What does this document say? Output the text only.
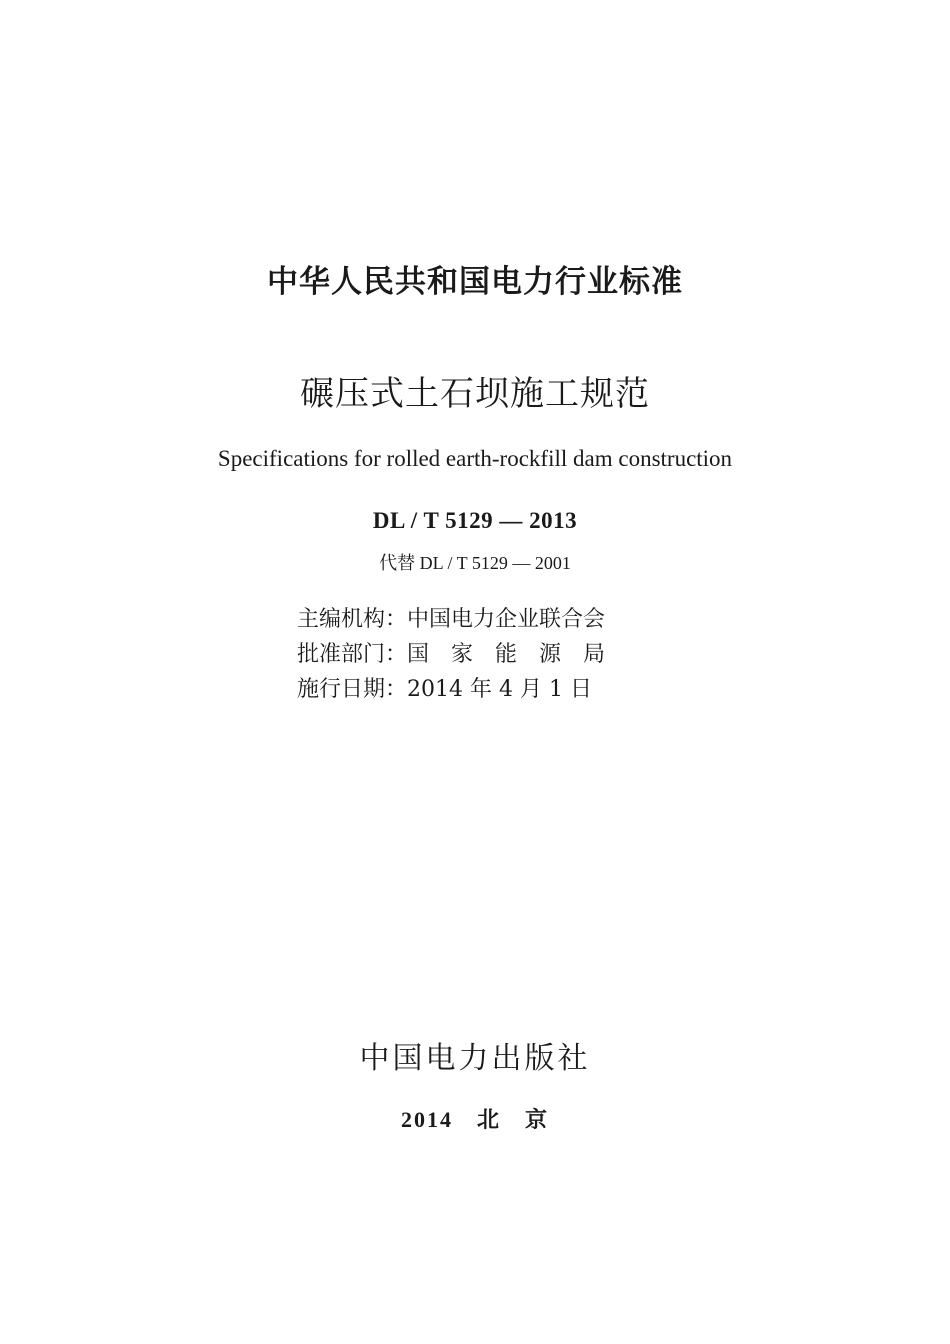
中华人民共和国电力行业标准
碾压式土石坝施工规范
Specifications for rolled earth-rockfill dam construction
DL / T 5129 — 2013
代替 DL / T 5129 — 2001
主编机构：中国电力企业联合会
批准部门：国　家　能　源　局
施行日期：2014 年 4 月 1 日
中国电力出版社
2014　北　京
